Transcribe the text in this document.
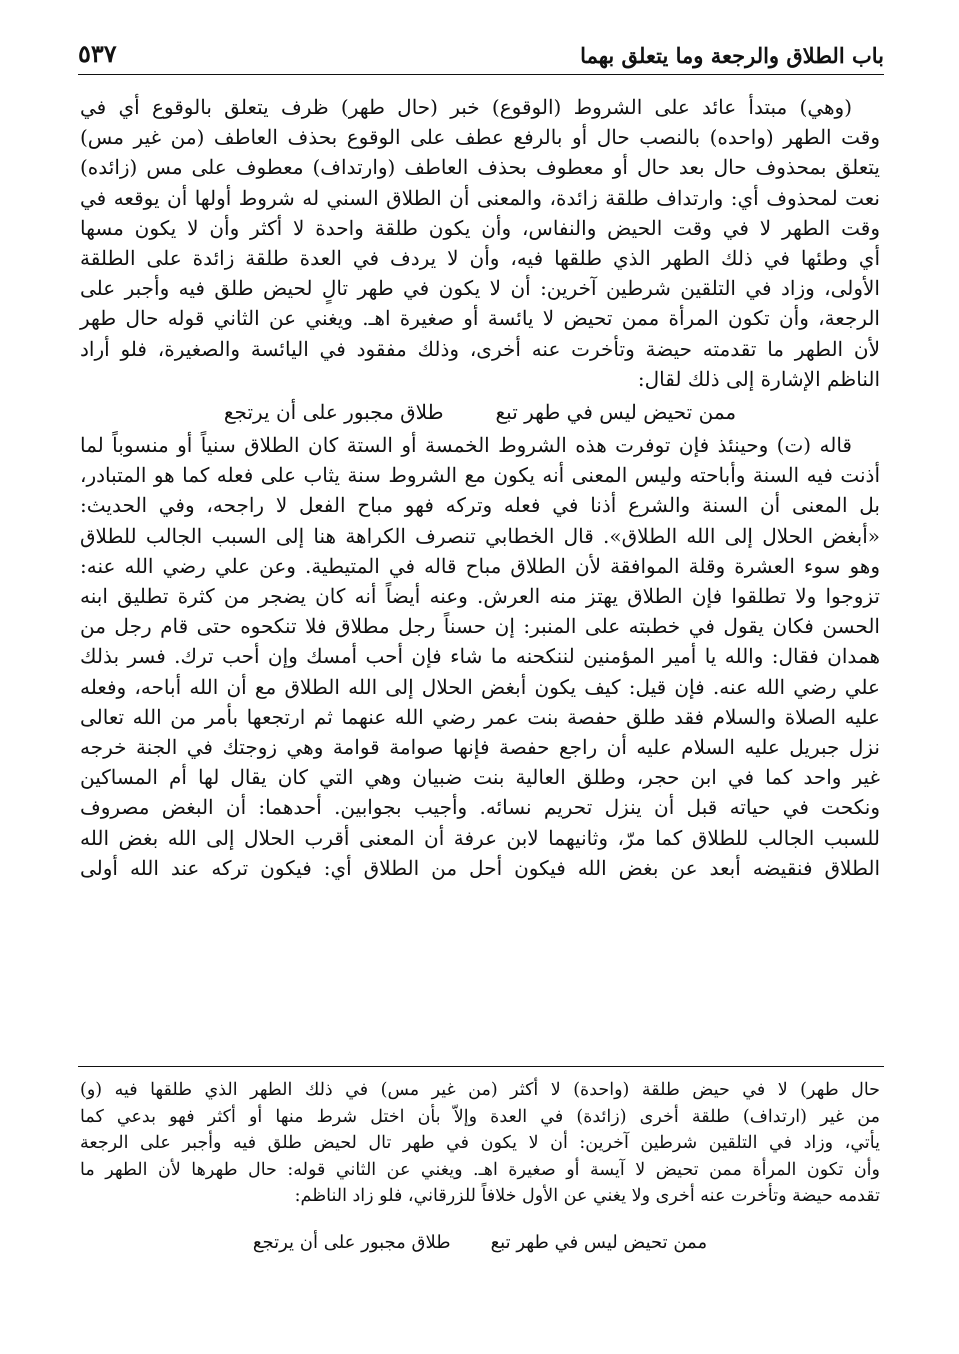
٥٣٧	باب الطلاق والرجعة وما يتعلق بهما

(وهي) مبتدأ عائد على الشروط (الوقوع) خبر (حال طهر) ظرف يتعلق بالوقوع أي في

وقت الطهر (واحده) بالنصب حال أو بالرفع عطف على الوقوع بحذف العاطف (من غير مس)

يتعلق بمحذوف حال بعد حال أو معطوف بحذف العاطف (وارتداف) معطوف على مس (زائده)

نعت لمحذوف أي: وارتداف طلقة زائدة، والمعنى أن الطلاق السني له شروط أولها أن يوقعه في

وقت الطهر لا في وقت الحيض والنفاس، وأن يكون طلقة واحدة لا أكثر وأن لا يكون مسها

أي وطئها في ذلك الطهر الذي طلقها فيه، وأن لا يردف في العدة طلقة زائدة على الطلقة

الأولى، وزاد في التلقين شرطين آخرين: أن لا يكون في طهر تالٍ لحيض طلق فيه وأجبر على

الرجعة، وأن تكون المرأة ممن تحيض لا يائسة أو صغيرة اهـ. ويغني عن الثاني قوله حال طهر

لأن الطهر ما تقدمته حيضة وتأخرت عنه أخرى، وذلك مفقود في اليائسة والصغيرة، فلو أراد

الناظم الإشارة إلى ذلك لقال:

ممن تحيض ليس في طهر تبع
طلاق مجبور على أن يرتجع

قاله (ت) وحينئذ فإن توفرت هذه الشروط الخمسة أو الستة كان الطلاق سنياً أو منسوباً لما

أذنت فيه السنة وأباحته وليس المعنى أنه يكون مع الشروط سنة يثاب على فعله كما هو المتبادر،

بل المعنى أن السنة والشرع أذنا في فعله وتركه فهو مباح الفعل لا راجحه، وفي الحديث:

«أبغض الحلال إلى الله الطلاق». قال الخطابي تنصرف الكراهة هنا إلى السبب الجالب للطلاق

وهو سوء العشرة وقلة الموافقة لأن الطلاق مباح قاله في المتيطية. وعن علي رضي الله عنه:

تزوجوا ولا تطلقوا فإن الطلاق يهتز منه العرش. وعنه أيضاً أنه كان يضجر من كثرة تطليق ابنه

الحسن فكان يقول في خطبته على المنبر: إن حسناً رجل مطلاق فلا تنكحوه حتى قام رجل من

همدان فقال: والله يا أمير المؤمنين لننكحنه ما شاء فإن أحب أمسك وإن أحب ترك. فسر بذلك

علي رضي الله عنه. فإن قيل: كيف يكون أبغض الحلال إلى الله الطلاق مع أن الله أباحه، وفعله

عليه الصلاة والسلام فقد طلق حفصة بنت عمر رضي الله عنهما ثم ارتجعها بأمر من الله تعالى

نزل جبريل عليه السلام عليه أن راجع حفصة فإنها صوامة قوامة وهي زوجتك في الجنة خرجه

غير واحد كما في ابن حجر، وطلق العالية بنت ضبيان وهي التي كان يقال لها أم المساكين

ونكحت في حياته قبل أن ينزل تحريم نسائه. وأجيب بجوابين. أحدهما: أن البغض مصروف

للسبب الجالب للطلاق كما مرّ، وثانيهما لابن عرفة أن المعنى أقرب الحلال إلى الله بغض الله

الطلاق فنقيضه أبعد عن بغض الله فيكون أحل من الطلاق أي: فيكون تركه عند الله أولى

حال طهر) لا في حيض طلقة (واحدة) لا أكثر (من غير مس) في ذلك الطهر الذي طلقها فيه (و)

من غير (ارتداف) طلقة أخرى (زائدة) في العدة وإلاّ بأن اختل شرط منها أو أكثر فهو بدعي كما

يأتي، وزاد في التلقين شرطين آخرين: أن لا يكون في طهر تال لحيض طلق فيه وأجبر على الرجعة

وأن تكون المرأة ممن تحيض لا آيسة أو صغيرة اهـ. ويغني عن الثاني قوله: حال طهرها لأن الطهر ما

تقدمه حيضة وتأخرت عنه أخرى ولا يغني عن الأول خلافاً للزرقاني، فلو زاد الناظم:

ممن تحيض ليس في طهر تبع
طلاق مجبور على أن يرتجع
